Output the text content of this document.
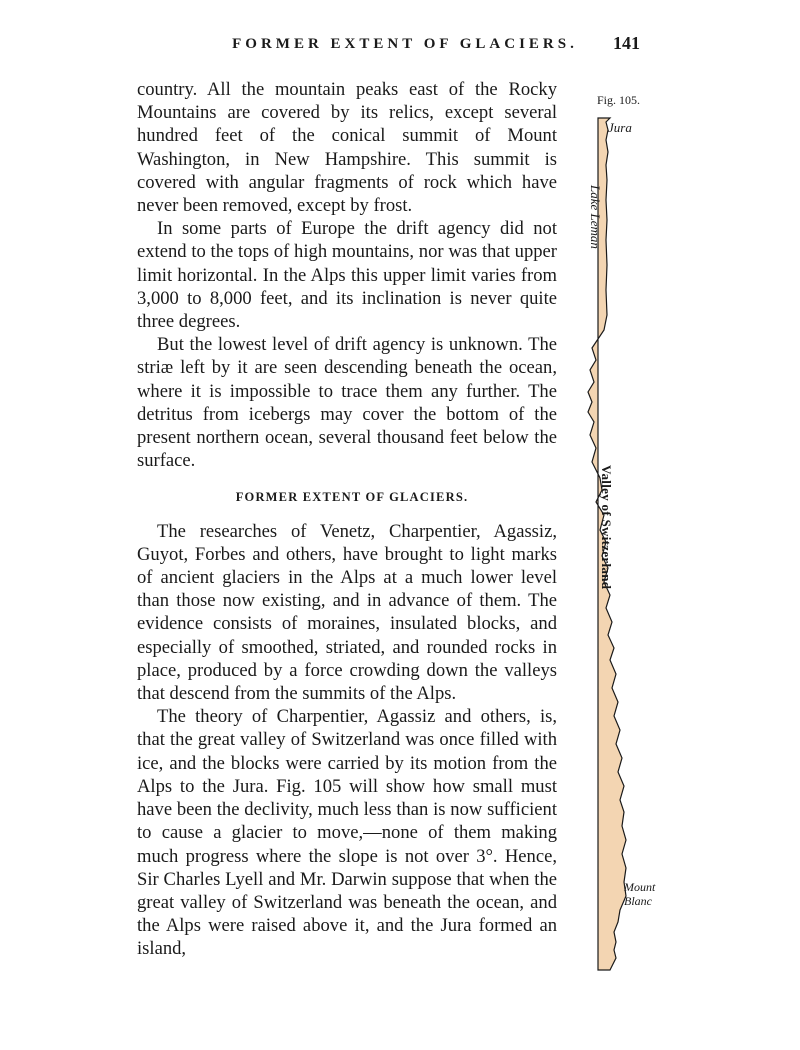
FORMER EXTENT OF GLACIERS.	141

country. All the mountain peaks east of the Rocky Mountains are covered by its relics, except several hundred feet of the conical summit of Mount Washington, in New Hampshire. This summit is covered with angular fragments of rock which have never been removed, except by frost.

In some parts of Europe the drift agency did not extend to the tops of high mountains, nor was that upper limit horizontal. In the Alps this upper limit varies from 3,000 to 8,000 feet, and its inclination is never quite three degrees.

But the lowest level of drift agency is unknown. The striæ left by it are seen descending beneath the ocean, where it is impossible to trace them any further. The detritus from icebergs may cover the bottom of the present northern ocean, several thousand feet below the surface.

FORMER EXTENT OF GLACIERS.

The researches of Venetz, Charpentier, Agassiz, Guyot, Forbes and others, have brought to light marks of ancient glaciers in the Alps at a much lower level than those now existing, and in advance of them. The evidence consists of moraines, insulated blocks, and especially of smoothed, striated, and rounded rocks in place, produced by a force crowding down the valleys that descend from the summits of the Alps.

The theory of Charpentier, Agassiz and others, is, that the great valley of Switzerland was once filled with ice, and the blocks were carried by its motion from the Alps to the Jura. Fig. 105 will show how small must have been the declivity, much less than is now sufficient to cause a glacier to move,—none of them making much progress where the slope is not over 3°. Hence, Sir Charles Lyell and Mr. Darwin suppose that when the great valley of Switzerland was beneath the ocean, and the Alps were raised above it, and the Jura formed an island,

Fig. 105.
Jura
Lake Leman
Valley of Switzerland
Mount
Blanc
